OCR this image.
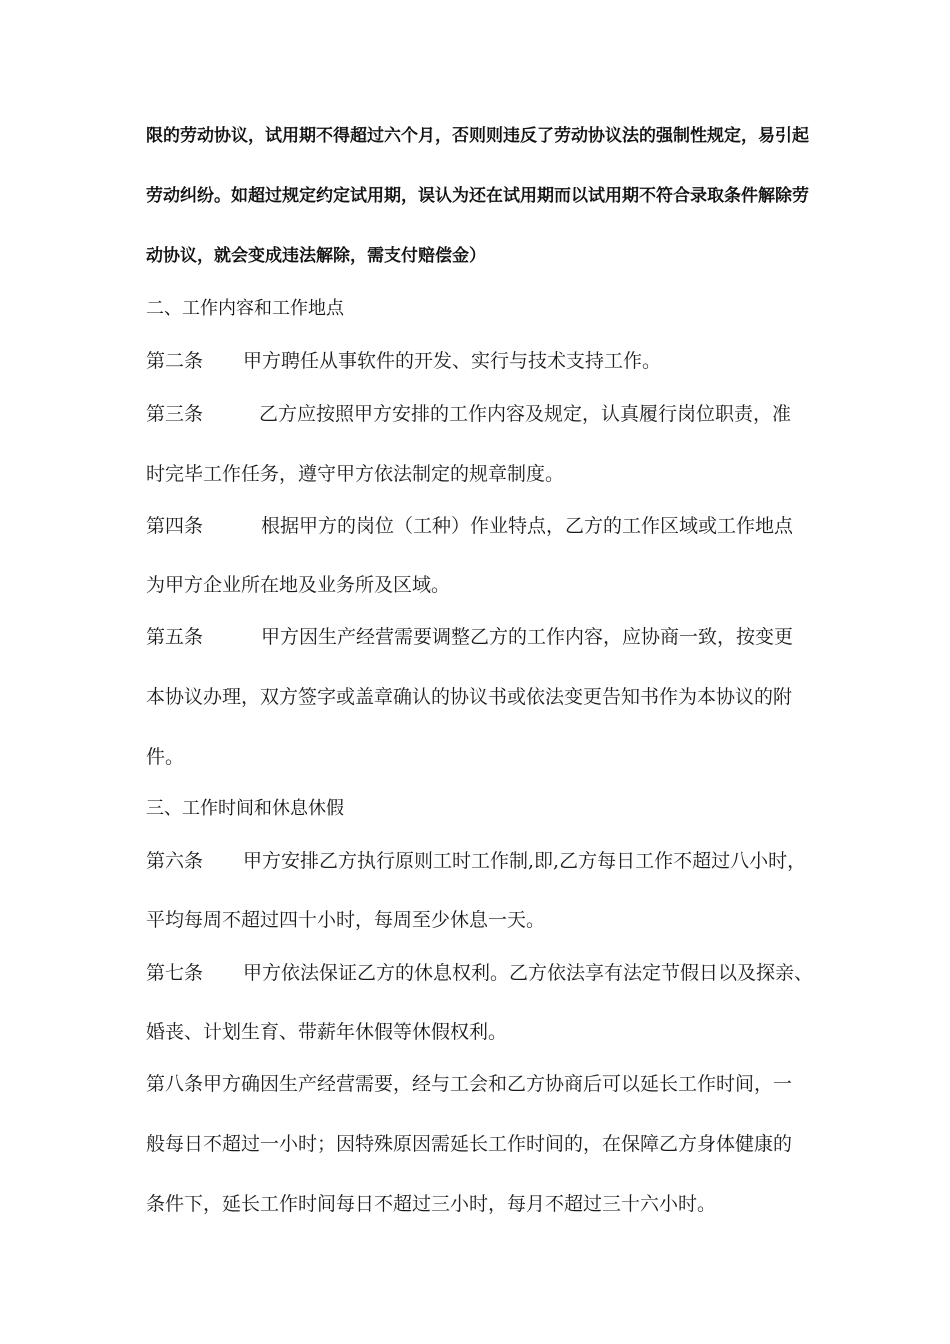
限的劳动协议，试用期不得超过六个月，否则则违反了劳动协议法的强制性规定，易引起
劳动纠纷。如超过规定约定试用期，误认为还在试用期而以试用期不符合录取条件解除劳
动协议，就会变成违法解除，需支付赔偿金）
二、工作内容和工作地点
第二条 甲方聘任从事软件的开发、实行与技术支持工作。
第三条	乙方应按照甲方安排的工作内容及规定，认真履行岗位职责，准
时完毕工作任务，遵守甲方依法制定的规章制度。
第四条	根据甲方的岗位（工种）作业特点，乙方的工作区域或工作地点
为甲方企业所在地及业务所及区域。
第五条	甲方因生产经营需要调整乙方的工作内容，应协商一致，按变更
本协议办理，双方签字或盖章确认的协议书或依法变更告知书作为本协议的附
件。
三、工作时间和休息休假
第六条 甲方安排乙方执行原则工时工作制,即,乙方每日工作不超过八小时，
平均每周不超过四十小时，每周至少休息一天。
第七条 甲方依法保证乙方的休息权利。乙方依法享有法定节假日以及探亲、
婚丧、计划生育、带薪年休假等休假权利。
第八条甲方确因生产经营需要，经与工会和乙方协商后可以延长工作时间，一
般每日不超过一小时；因特殊原因需延长工作时间的，在保障乙方身体健康的
条件下，延长工作时间每日不超过三小时，每月不超过三十六小时。
